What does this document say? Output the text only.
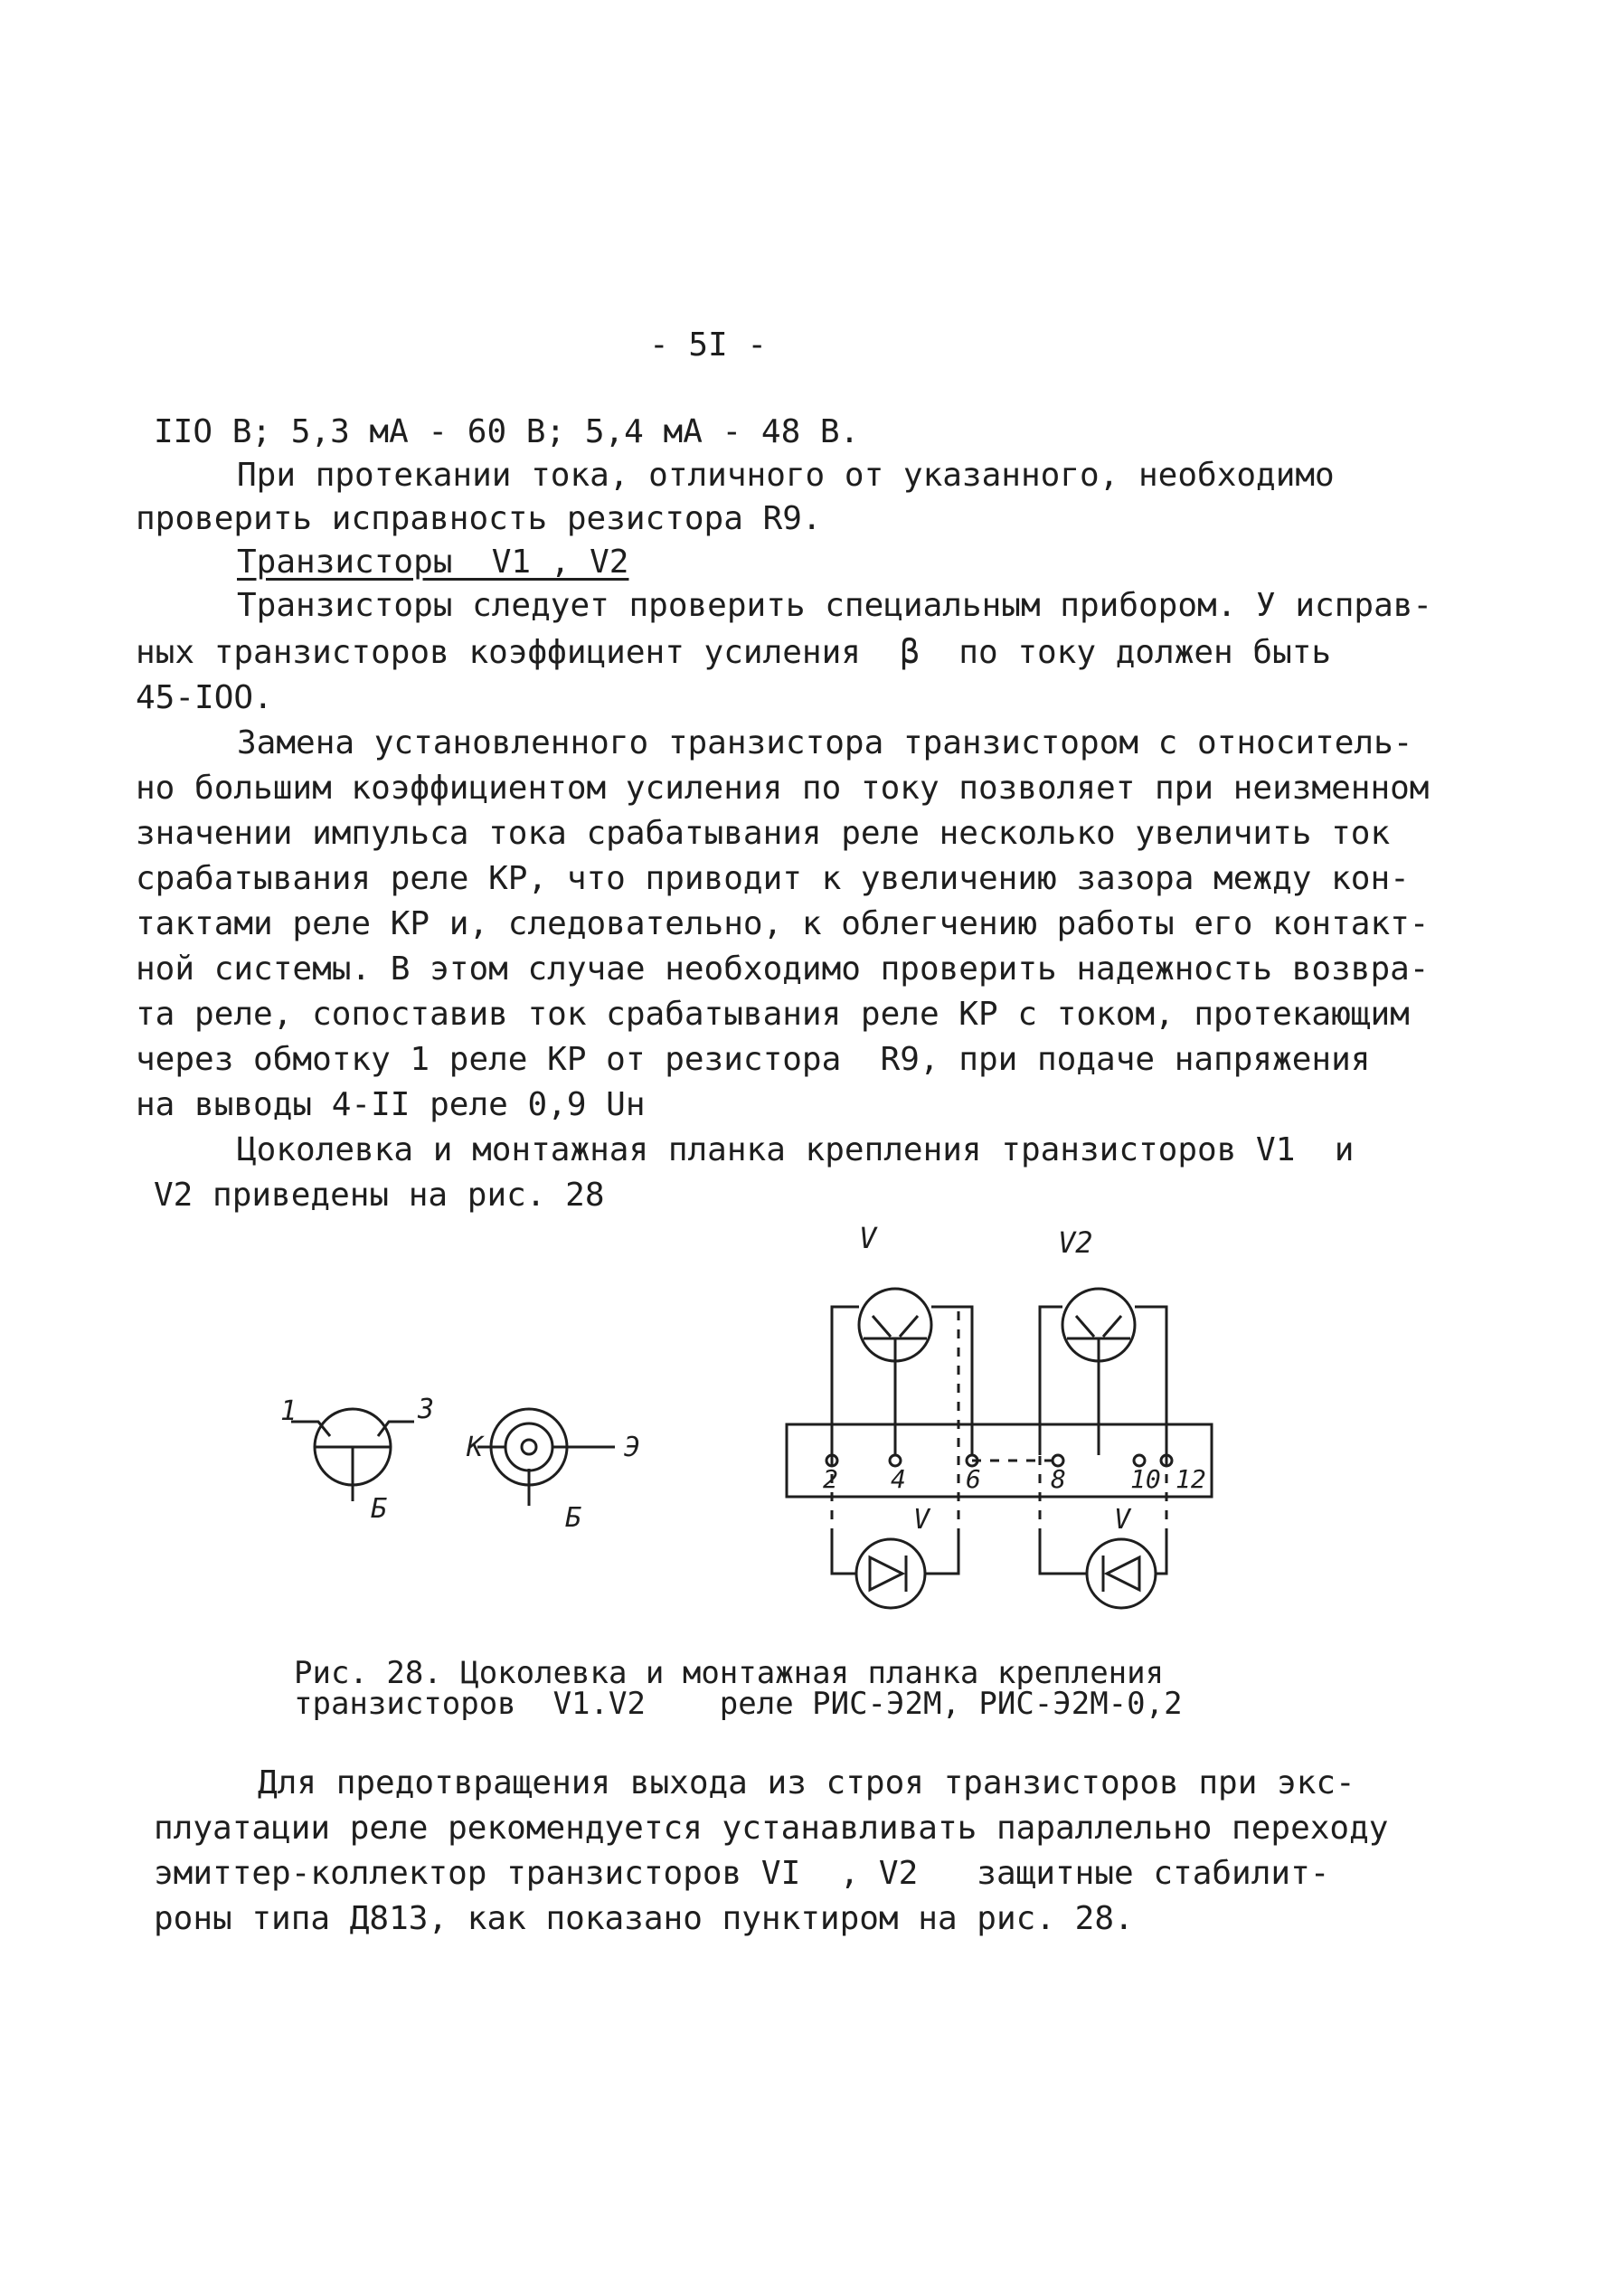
- 5I -
IIO В; 5,3 мА - 60 В; 5,4 мА - 48 В.
При протекании тока, отличного от указанного, необходимо
проверить исправность резистора R9.
Транзисторы  V1 , V2
Транзисторы следует проверить специальным прибором. У исправ-
ных транзисторов коэффициент усиления  β  по току должен быть
45-IOO.
Замена установленного транзистора транзистором с относитель-
но большим коэффициентом усиления по току позволяет при неизменном
значении импульса тока срабатывания реле несколько увеличить ток
срабатывания реле КР, что приводит к увеличению зазора между кон-
тактами реле КР и, следовательно, к облегчению работы его контакт-
ной системы. В этом случае необходимо проверить надежность возвра-
та реле, сопоставив ток срабатывания реле КР с током, протекающим
через обмотку 1 реле КР от резистора  R9, при подаче напряжения
на выводы 4-II реле 0,9 Uн
Цоколевка и монтажная планка крепления транзисторов V1  и
V2 приведены на рис. 28
1	3
Б
К	Э
Б
V	V2
2 4 6	8	10 12
V	V
Рис. 28. Цоколевка и монтажная планка крепления
транзисторов  V1.V2    реле РИС-Э2М, РИС-Э2М-0,2
Для предотвращения выхода из строя транзисторов при экс-
плуатации реле рекомендуется устанавливать параллельно переходу
эмиттер-коллектор транзисторов VI  , V2   защитные стабилит-
роны типа Д813, как показано пунктиром на рис. 28.
